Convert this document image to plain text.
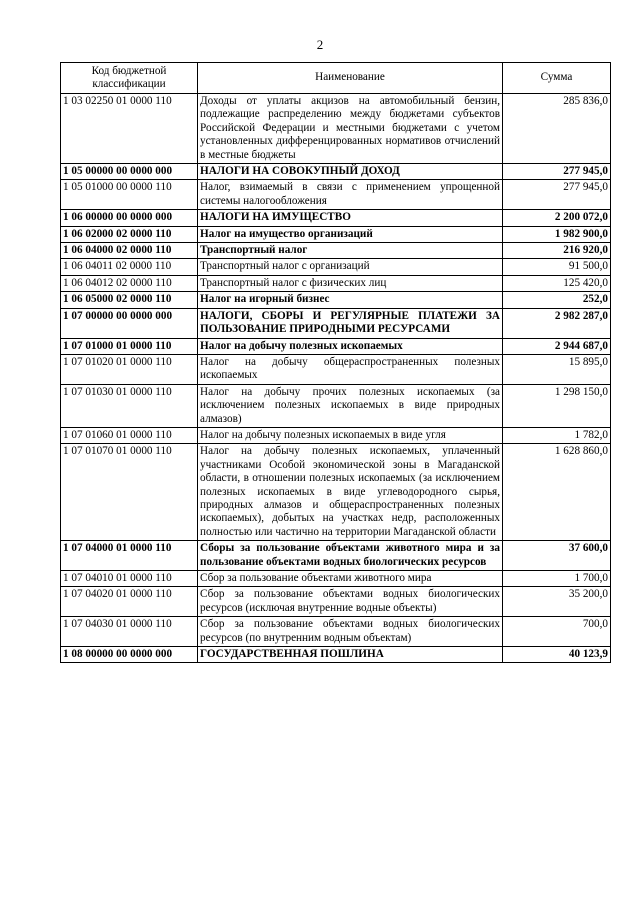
2
Код бюджетной классификации	Наименование	Сумма
1 03 02250 01 0000 110	Доходы от уплаты акцизов на автомобильный бензин, подлежащие распределению между бюджетами субъектов Российской Федерации и местными бюджетами с учетом установленных дифференцированных нормативов отчислений в местные бюджеты	285 836,0
1 05 00000 00 0000 000	НАЛОГИ НА СОВОКУПНЫЙ ДОХОД	277 945,0
1 05 01000 00 0000 110	Налог, взимаемый в связи с применением упрощенной системы налогообложения	277 945,0
1 06 00000 00 0000 000	НАЛОГИ НА ИМУЩЕСТВО	2 200 072,0
1 06 02000 02 0000 110	Налог на имущество организаций	1 982 900,0
1 06 04000 02 0000 110	Транспортный налог	216 920,0
1 06 04011 02 0000 110	Транспортный налог с организаций	91 500,0
1 06 04012 02 0000 110	Транспортный налог с физических лиц	125 420,0
1 06 05000 02 0000 110	Налог на игорный бизнес	252,0
1 07 00000 00 0000 000	НАЛОГИ, СБОРЫ И РЕГУЛЯРНЫЕ ПЛАТЕЖИ ЗА ПОЛЬЗОВАНИЕ ПРИРОДНЫМИ РЕСУРСАМИ	2 982 287,0
1 07 01000 01 0000 110	Налог на добычу полезных ископаемых	2 944 687,0
1 07 01020 01 0000 110	Налог на добычу общераспространенных полезных ископаемых	15 895,0
1 07 01030 01 0000 110	Налог на добычу прочих полезных ископаемых (за исключением полезных ископаемых в виде природных алмазов)	1 298 150,0
1 07 01060 01 0000 110	Налог на добычу полезных ископаемых в виде угля	1 782,0
1 07 01070 01 0000 110	Налог на добычу полезных ископаемых, уплаченный участниками Особой экономической зоны в Магаданской области, в отношении полезных ископаемых (за исключением полезных ископаемых в виде углеводородного сырья, природных алмазов и общераспространенных полезных ископаемых), добытых на участках недр, расположенных полностью или частично на территории Магаданской области	1 628 860,0
1 07 04000 01 0000 110	Сборы за пользование объектами животного мира и за пользование объектами водных биологических ресурсов	37 600,0
1 07 04010 01 0000 110	Сбор за пользование объектами животного мира	1 700,0
1 07 04020 01 0000 110	Сбор за пользование объектами водных биологических ресурсов (исключая внутренние водные объекты)	35 200,0
1 07 04030 01 0000 110	Сбор за пользование объектами водных биологических ресурсов (по внутренним водным объектам)	700,0
1 08 00000 00 0000 000	ГОСУДАРСТВЕННАЯ ПОШЛИНА	40 123,9
